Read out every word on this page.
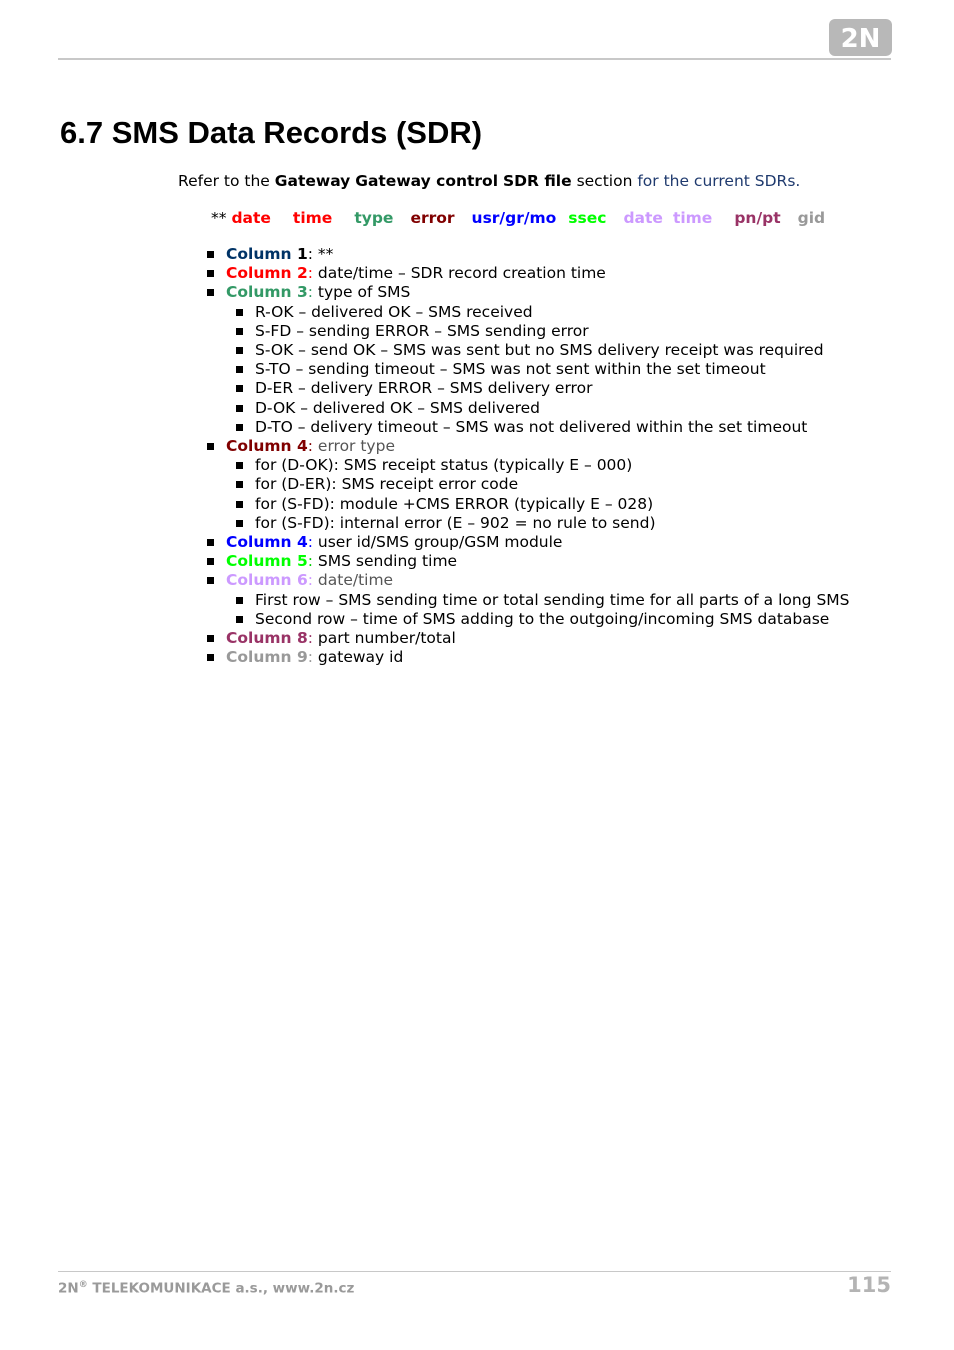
2N
6.7 SMS Data Records (SDR)
Refer to the Gateway Gateway control SDR file section for the current SDRs.
** date time type error usr/gr/mo ssec date time pn/pt gid
Column 1: **
Column 2: date/time – SDR record creation time
Column 3: type of SMS
R-OK – delivered OK – SMS received
S-FD – sending ERROR – SMS sending error
S-OK – send OK – SMS was sent but no SMS delivery receipt was required
S-TO – sending timeout – SMS was not sent within the set timeout
D-ER – delivery ERROR – SMS delivery error
D-OK – delivered OK – SMS delivered
D-TO – delivery timeout – SMS was not delivered within the set timeout
Column 4: error type
for (D-OK): SMS receipt status (typically E – 000)
for (D-ER): SMS receipt error code
for (S-FD): module +CMS ERROR (typically E – 028)
for (S-FD): internal error (E – 902 = no rule to send)
Column 4: user id/SMS group/GSM module
Column 5: SMS sending time
Column 6: date/time
First row – SMS sending time or total sending time for all parts of a long SMS
Second row – time of SMS adding to the outgoing/incoming SMS database
Column 8: part number/total
Column 9: gateway id
2N® TELEKOMUNIKACE a.s., www.2n.cz	115
